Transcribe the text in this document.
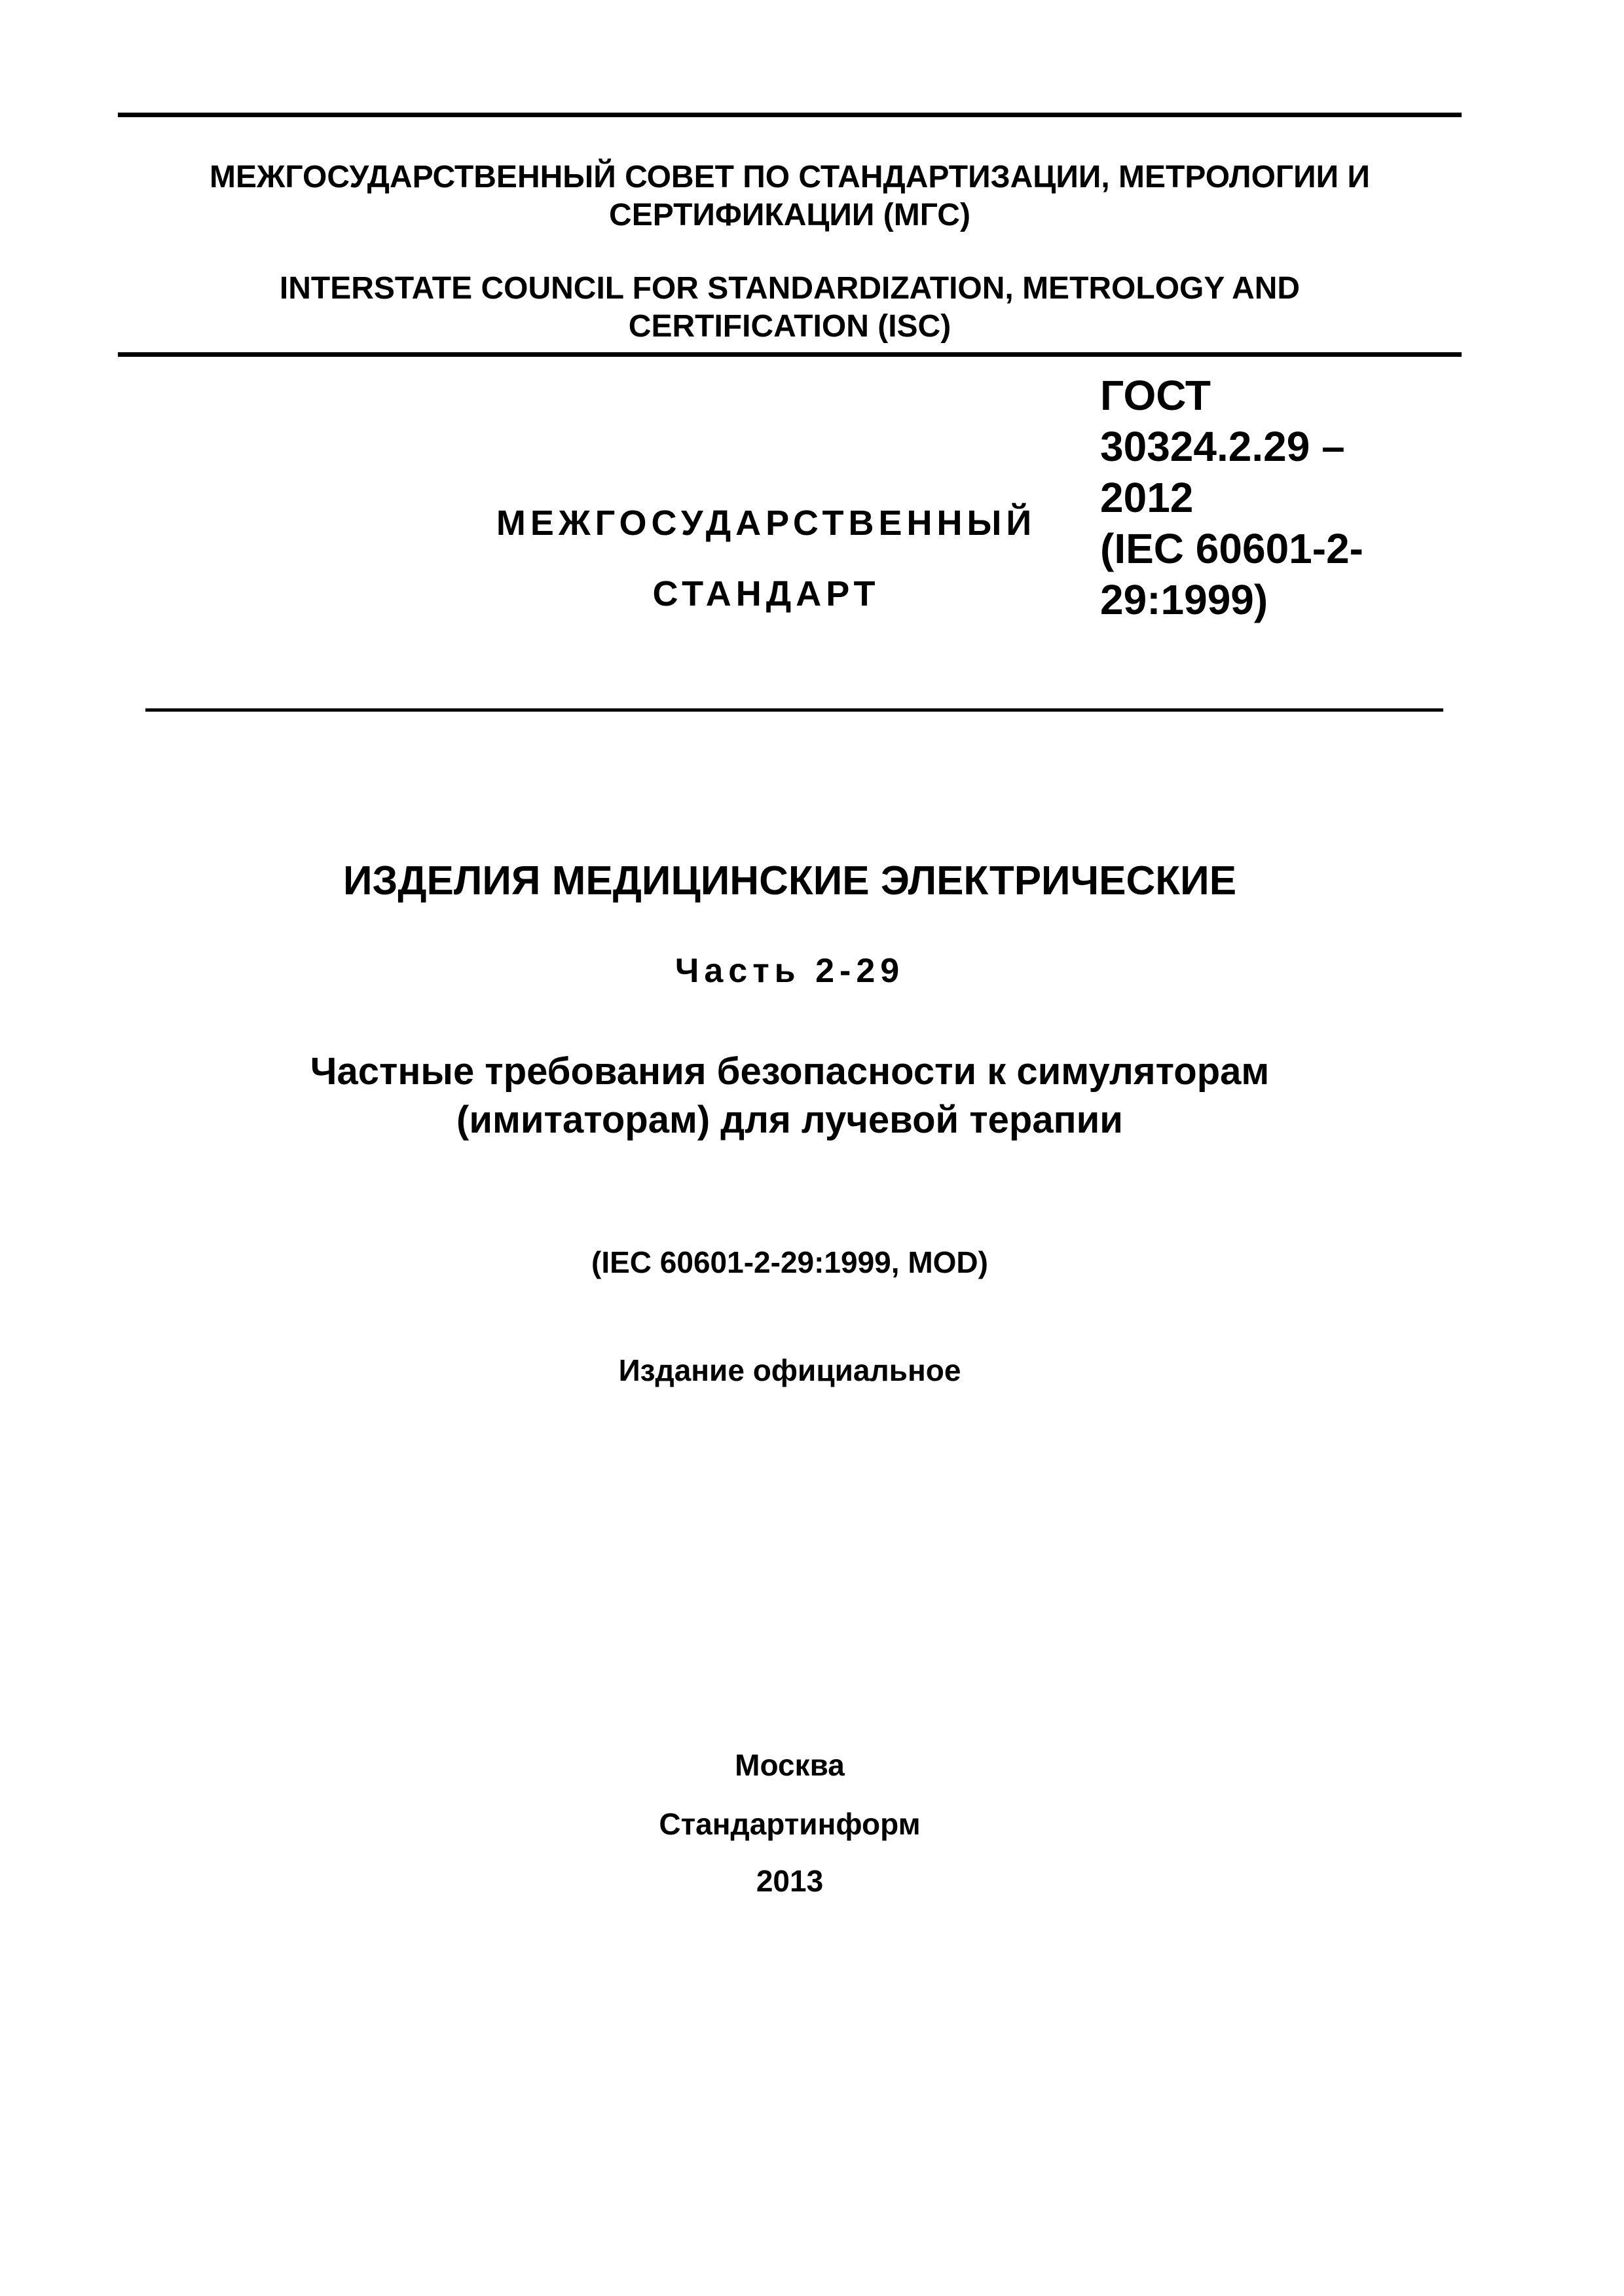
МЕЖГОСУДАРСТВЕННЫЙ СОВЕТ ПО СТАНДАРТИЗАЦИИ, МЕТРОЛОГИИ И
СЕРТИФИКАЦИИ (МГС)
INTERSTATE COUNCIL FOR STANDARDIZATION, METROLOGY AND
CERTIFICATION (ISC)
МЕЖГОСУДАРСТВЕННЫЙ
СТАНДАРТ
ГОСТ
30324.2.29 –
2012
(IEC 60601-2-
29:1999)
ИЗДЕЛИЯ МЕДИЦИНСКИЕ ЭЛЕКТРИЧЕСКИЕ
Часть 2-29
Частные требования безопасности к симуляторам
(имитаторам) для лучевой терапии
(IEC 60601-2-29:1999, MOD)
Издание официальное
Москва
Стандартинформ
2013
